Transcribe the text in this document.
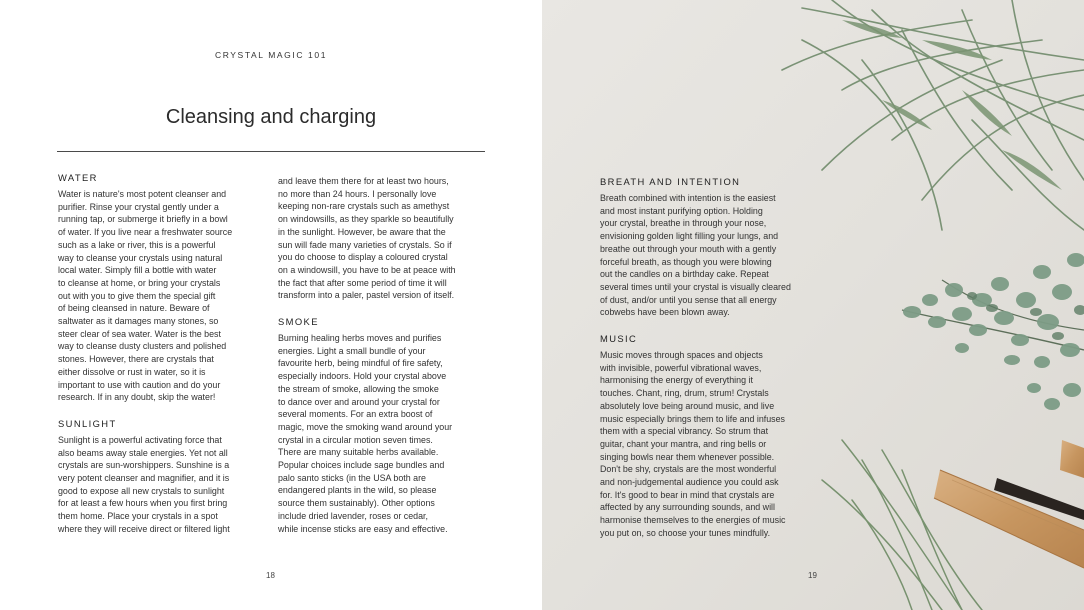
CRYSTAL MAGIC 101
Cleansing and charging
WATER

Water is nature's most potent cleanser and

purifier. Rinse your crystal gently under a

running tap, or submerge it briefly in a bowl

of water. If you live near a freshwater source

such as a lake or river, this is a powerful

way to cleanse your crystals using natural

local water. Simply fill a bottle with water

to cleanse at home, or bring your crystals

out with you to give them the special gift

of being cleansed in nature. Beware of

saltwater as it damages many stones, so

steer clear of sea water. Water is the best

way to cleanse dusty clusters and polished

stones. However, there are crystals that

either dissolve or rust in water, so it is

important to use with caution and do your

research. If in any doubt, skip the water!

SUNLIGHT

Sunlight is a powerful activating force that

also beams away stale energies. Yet not all

crystals are sun-worshippers. Sunshine is a

very potent cleanser and magnifier, and it is

good to expose all new crystals to sunlight

for at least a few hours when you first bring

them home. Place your crystals in a spot

where they will receive direct or filtered light

and leave them there for at least two hours,

no more than 24 hours. I personally love

keeping non-rare crystals such as amethyst

on windowsills, as they sparkle so beautifully

in the sunlight. However, be aware that the

sun will fade many varieties of crystals. So if

you do choose to display a coloured crystal

on a windowsill, you have to be at peace with

the fact that after some period of time it will

transform into a paler, pastel version of itself.

SMOKE

Burning healing herbs moves and purifies

energies. Light a small bundle of your

favourite herb, being mindful of fire safety,

especially indoors. Hold your crystal above

the stream of smoke, allowing the smoke

to dance over and around your crystal for

several moments. For an extra boost of

magic, move the smoking wand around your

crystal in a circular motion seven times.

There are many suitable herbs available.

Popular choices include sage bundles and

palo santo sticks (in the USA both are

endangered plants in the wild, so please

source them sustainably). Other options

include dried lavender, roses or cedar,

while incense sticks are easy and effective.

18
BREATH AND INTENTION

Breath combined with intention is the easiest

and most instant purifying option. Holding

your crystal, breathe in through your nose,

envisioning golden light filling your lungs, and

breathe out through your mouth with a gently

forceful breath, as though you were blowing

out the candles on a birthday cake. Repeat

several times until your crystal is visually cleared

of dust, and/or until you sense that all energy

cobwebs have been blown away.

MUSIC

Music moves through spaces and objects

with invisible, powerful vibrational waves,

harmonising the energy of everything it

touches. Chant, ring, drum, strum! Crystals

absolutely love being around music, and live

music especially brings them to life and infuses

them with a special vibrancy. So strum that

guitar, chant your mantra, and ring bells or

singing bowls near them whenever possible.

Don't be shy, crystals are the most wonderful

and non-judgemental audience you could ask

for. It's good to bear in mind that crystals are

affected by any surrounding sounds, and will

harmonise themselves to the energies of music

you put on, so choose your tunes mindfully.

19
